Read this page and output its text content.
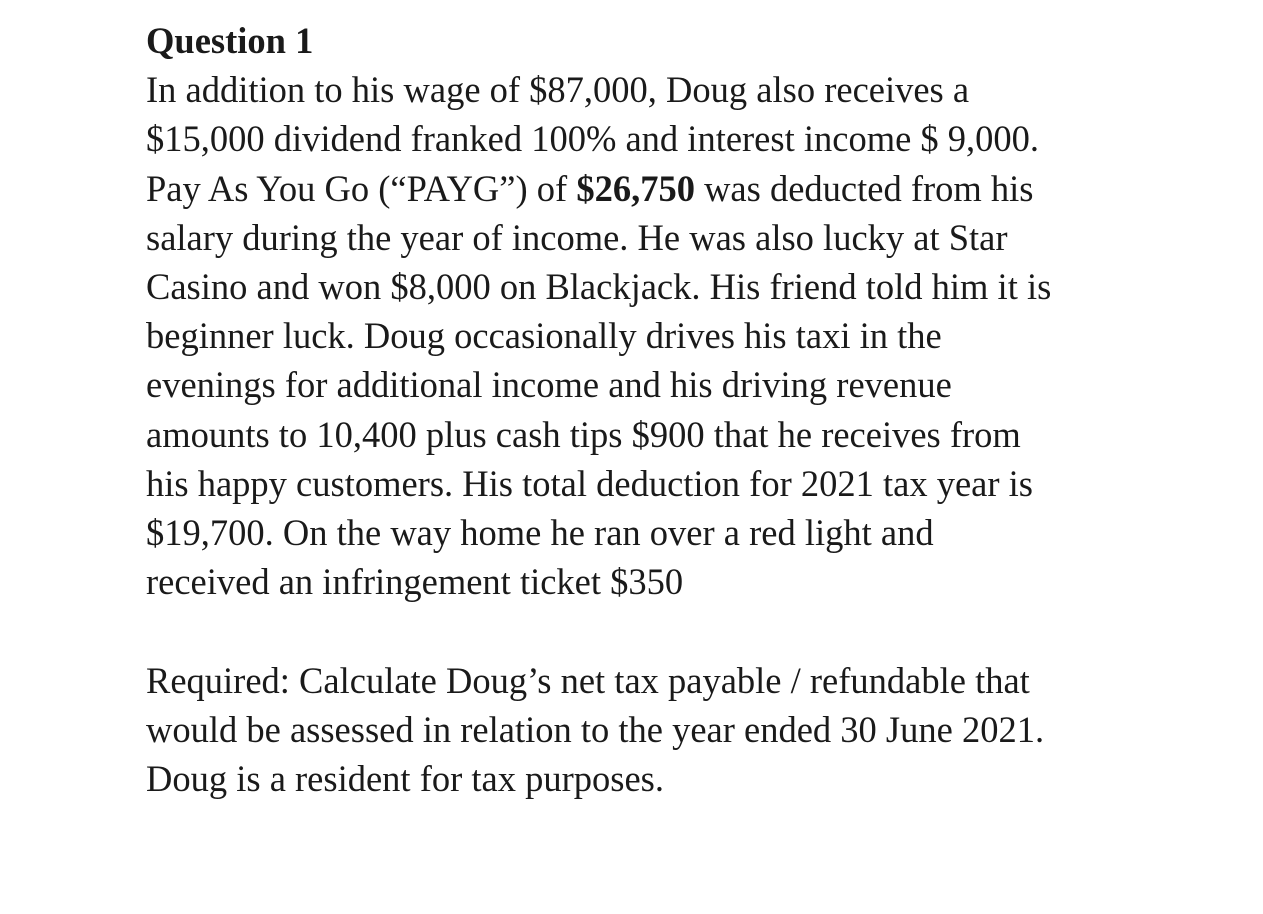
Question 1

In addition to his wage of $87,000, Doug also receives a

$15,000 dividend franked 100% and interest income $ 9,000.

Pay As You Go (“PAYG”) of $26,750 was deducted from his

salary during the year of income. He was also lucky at Star

Casino and won $8,000 on Blackjack. His friend told him it is

beginner luck. Doug occasionally drives his taxi in the

evenings for additional income and his driving revenue

amounts to 10,400 plus cash tips $900 that he receives from

his happy customers. His total deduction for 2021 tax year is

$19,700. On the way home he ran over a red light and

received an infringement ticket $350

Required: Calculate Doug’s net tax payable / refundable that

would be assessed in relation to the year ended 30 June 2021.

Doug is a resident for tax purposes.
